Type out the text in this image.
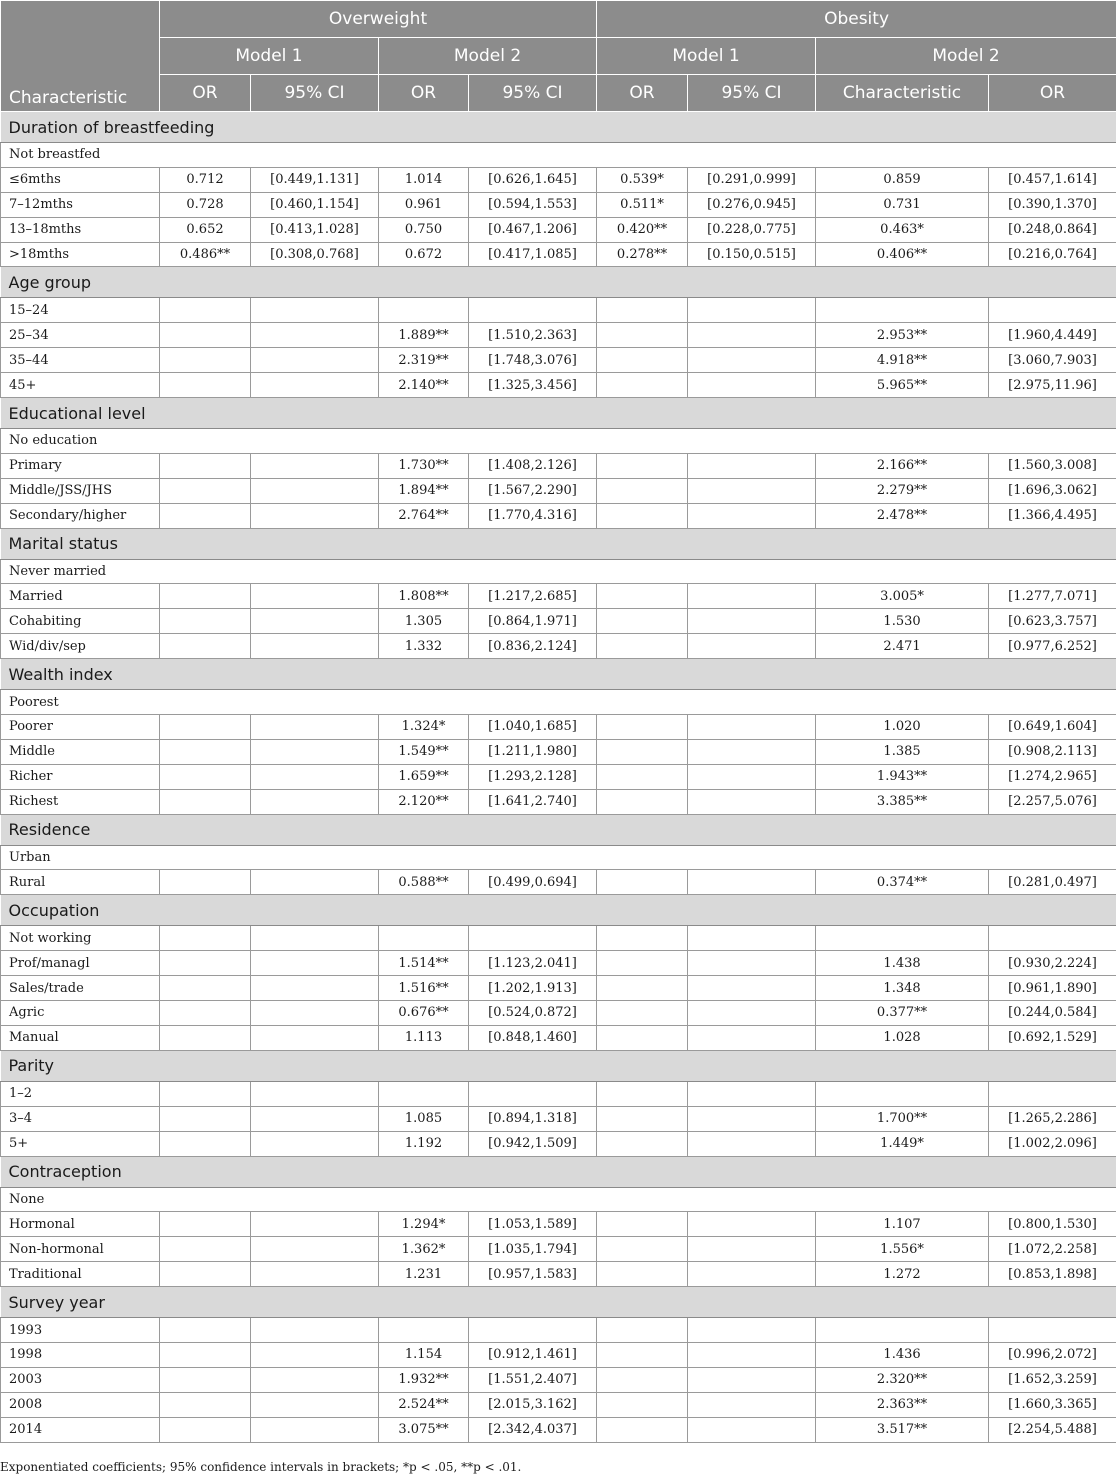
Characteristic	Overweight				Obesity			
	Model 1		Model 2		Model 1		Model 2	
	OR	95% CI	OR	95% CI	OR	95% CI	Characteristic	OR
Duration of breastfeeding								
Not breastfed								
≤6mths	0.712	[0.449,1.131]	1.014	[0.626,1.645]	0.539*	[0.291,0.999]	0.859	[0.457,1.614]
7–12mths	0.728	[0.460,1.154]	0.961	[0.594,1.553]	0.511*	[0.276,0.945]	0.731	[0.390,1.370]
13–18mths	0.652	[0.413,1.028]	0.750	[0.467,1.206]	0.420**	[0.228,0.775]	0.463*	[0.248,0.864]
>18mths	0.486**	[0.308,0.768]	0.672	[0.417,1.085]	0.278**	[0.150,0.515]	0.406**	[0.216,0.764]
Age group								
15–24								
25–34			1.889**	[1.510,2.363]			2.953**	[1.960,4.449]
35–44			2.319**	[1.748,3.076]			4.918**	[3.060,7.903]
45+			2.140**	[1.325,3.456]			5.965**	[2.975,11.96]
Educational level								
No education								
Primary			1.730**	[1.408,2.126]			2.166**	[1.560,3.008]
Middle/JSS/JHS			1.894**	[1.567,2.290]			2.279**	[1.696,3.062]
Secondary/higher			2.764**	[1.770,4.316]			2.478**	[1.366,4.495]
Marital status								
Never married								
Married			1.808**	[1.217,2.685]			3.005*	[1.277,7.071]
Cohabiting			1.305	[0.864,1.971]			1.530	[0.623,3.757]
Wid/div/sep			1.332	[0.836,2.124]			2.471	[0.977,6.252]
Wealth index								
Poorest								
Poorer			1.324*	[1.040,1.685]			1.020	[0.649,1.604]
Middle			1.549**	[1.211,1.980]			1.385	[0.908,2.113]
Richer			1.659**	[1.293,2.128]			1.943**	[1.274,2.965]
Richest			2.120**	[1.641,2.740]			3.385**	[2.257,5.076]
Residence								
Urban								
Rural			0.588**	[0.499,0.694]			0.374**	[0.281,0.497]
Occupation								
Not working								
Prof/managl			1.514**	[1.123,2.041]			1.438	[0.930,2.224]
Sales/trade			1.516**	[1.202,1.913]			1.348	[0.961,1.890]
Agric			0.676**	[0.524,0.872]			0.377**	[0.244,0.584]
Manual			1.113	[0.848,1.460]			1.028	[0.692,1.529]
Parity								
1–2								
3–4			1.085	[0.894,1.318]			1.700**	[1.265,2.286]
5+			1.192	[0.942,1.509]			1.449*	[1.002,2.096]
Contraception								
None								
Hormonal			1.294*	[1.053,1.589]			1.107	[0.800,1.530]
Non-hormonal			1.362*	[1.035,1.794]			1.556*	[1.072,2.258]
Traditional			1.231	[0.957,1.583]			1.272	[0.853,1.898]
Survey year								
1993								
1998			1.154	[0.912,1.461]			1.436	[0.996,2.072]
2003			1.932**	[1.551,2.407]			2.320**	[1.652,3.259]
2008			2.524**	[2.015,3.162]			2.363**	[1.660,3.365]
2014			3.075**	[2.342,4.037]			3.517**	[2.254,5.488]
Exponentiated coefficients; 95% confidence intervals in brackets; *p < .05, **p < .01.
